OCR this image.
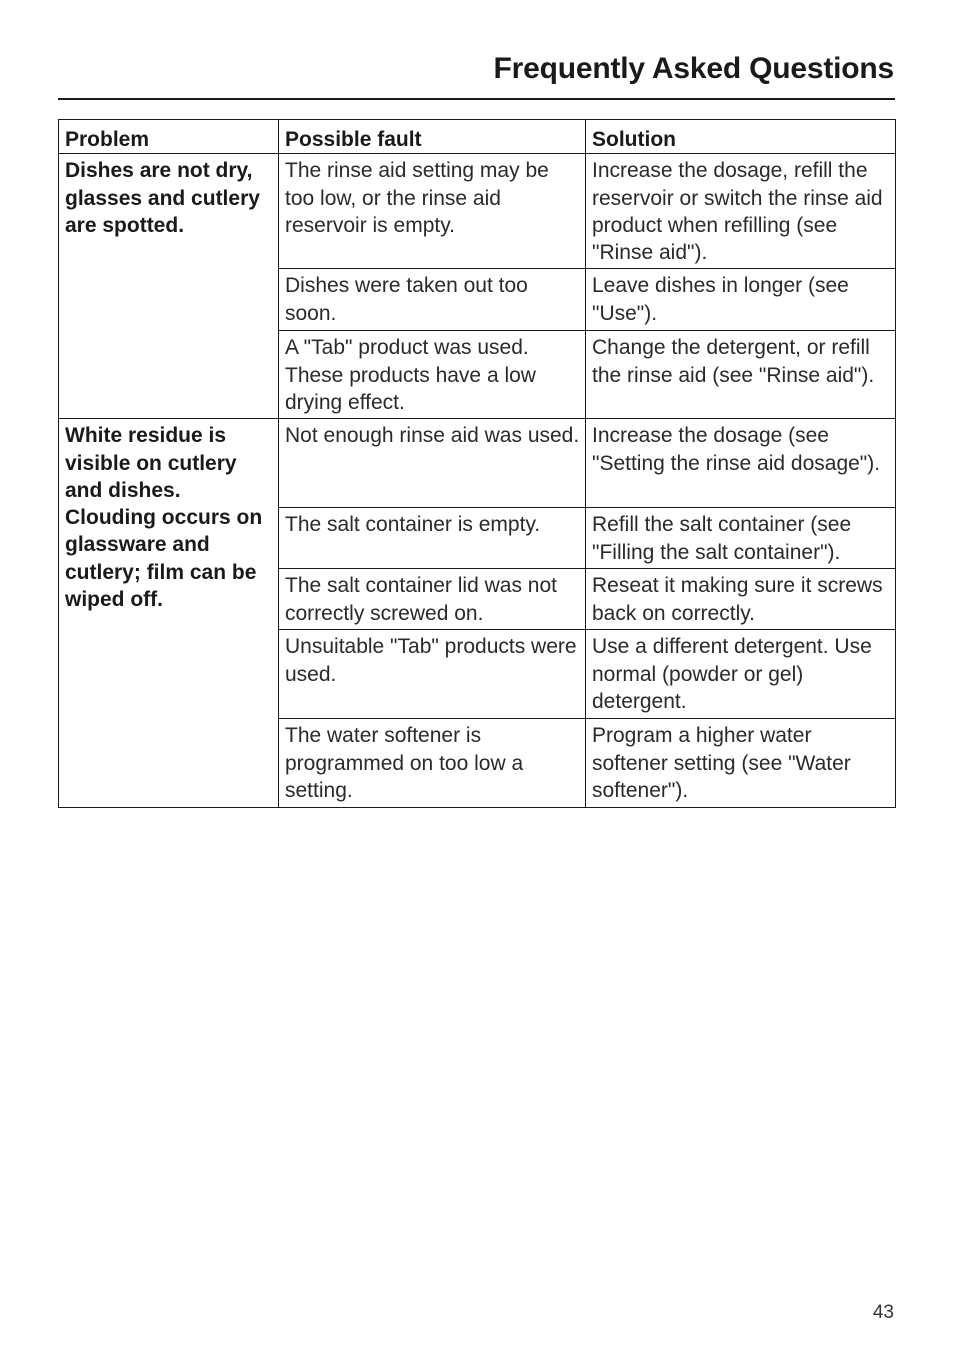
Frequently Asked Questions
Problem	Possible fault	Solution
Dishes are not dry, glasses and cutlery are spotted.	The rinse aid setting may be too low, or the rinse aid reservoir is empty.	Increase the dosage, refill the reservoir or switch the rinse aid product when refilling (see "Rinse aid").
	Dishes were taken out too soon.	Leave dishes in longer (see "Use").
	A "Tab" product was used. These products have a low drying effect.	Change the detergent, or refill the rinse aid (see "Rinse aid").
White residue is visible on cutlery and dishes. Clouding occurs on glassware and cutlery; film can be wiped off.	Not enough rinse aid was used.	Increase the dosage (see "Setting the rinse aid dosage").
	The salt container is empty.	Refill the salt container (see "Filling the salt container").
	The salt container lid was not correctly screwed on.	Reseat it making sure it screws back on correctly.
	Unsuitable "Tab" products were used.	Use a different detergent. Use normal (powder or gel) detergent.
	The water softener is programmed on too low a setting.	Program a higher water softener setting (see "Water softener").
43
